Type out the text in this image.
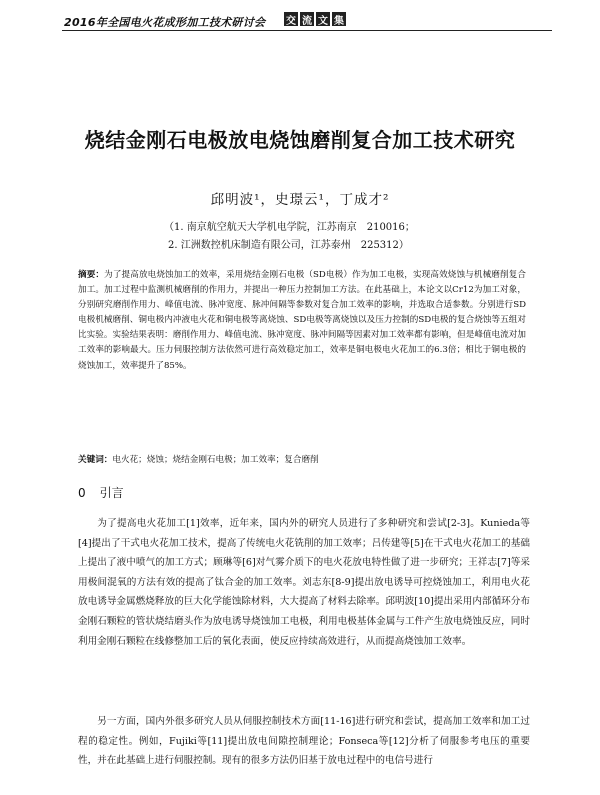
2016年全国电火花成形加工技术研讨会 交 流 文 集
烧结金刚石电极放电烧蚀磨削复合加工技术研究
邱明波¹，史璟云¹，丁成才²
（1. 南京航空航天大学机电学院，江苏南京　210016；
2. 江洲数控机床制造有限公司，江苏泰州　225312）
摘要：为了提高放电烧蚀加工的效率，采用烧结金刚石电极（SD电极）作为加工电极，实现高效烧蚀与机械磨削复合加工。加工过程中监测机械磨削的作用力，并提出一种压力控制加工方法。在此基础上，本论文以Cr12为加工对象，分别研究磨削作用力、峰值电流、脉冲宽度、脉冲间隔等参数对复合加工效率的影响，并选取合适参数。分别进行SD电极机械磨削、铜电极内冲液电火花和铜电极等离烧蚀、SD电极等离烧蚀以及压力控制的SD电极的复合烧蚀等五组对比实验。实验结果表明：磨削作用力、峰值电流、脉冲宽度、脉冲间隔等因素对加工效率都有影响，但是峰值电流对加工效率的影响最大。压力伺服控制方法依然可进行高效稳定加工，效率是铜电极电火花加工的6.3倍；相比于铜电极的烧蚀加工，效率提升了85%。
关键词：电火花；烧蚀；烧结金刚石电极；加工效率；复合磨削
0 引言

为了提高电火花加工[1]效率，近年来，国内外的研究人员进行了多种研究和尝试[2-3]。Kunieda等[4]提出了干式电火花加工技术，提高了传统电火花铣削的加工效率；吕传建等[5]在干式电火花加工的基础上提出了液中喷气的加工方式；顾琳等[6]对气雾介质下的电火花放电特性做了进一步研究；王祥志[7]等采用极间混氧的方法有效的提高了钛合金的加工效率。刘志东[8-9]提出放电诱导可控烧蚀加工，利用电火花放电诱导金属燃烧释放的巨大化学能蚀除材料，大大提高了材料去除率。邱明波[10]提出采用内部循环分布金刚石颗粒的管状烧结磨头作为放电诱导烧蚀加工电极，利用电极基体金属与工件产生放电烧蚀反应，同时利用金刚石颗粒在线修整加工后的氧化表面，使反应持续高效进行，从而提高烧蚀加工效率。

另一方面，国内外很多研究人员从伺服控制技术方面[11-16]进行研究和尝试，提高加工效率和加工过程的稳定性。例如，Fujiki等[11]提出放电间隙控制理论；Fonseca等[12]分析了伺服参考电压的重要性，并在此基础上进行伺服控制。现有的很多方法仍旧基于放电过程中的电信号进行
